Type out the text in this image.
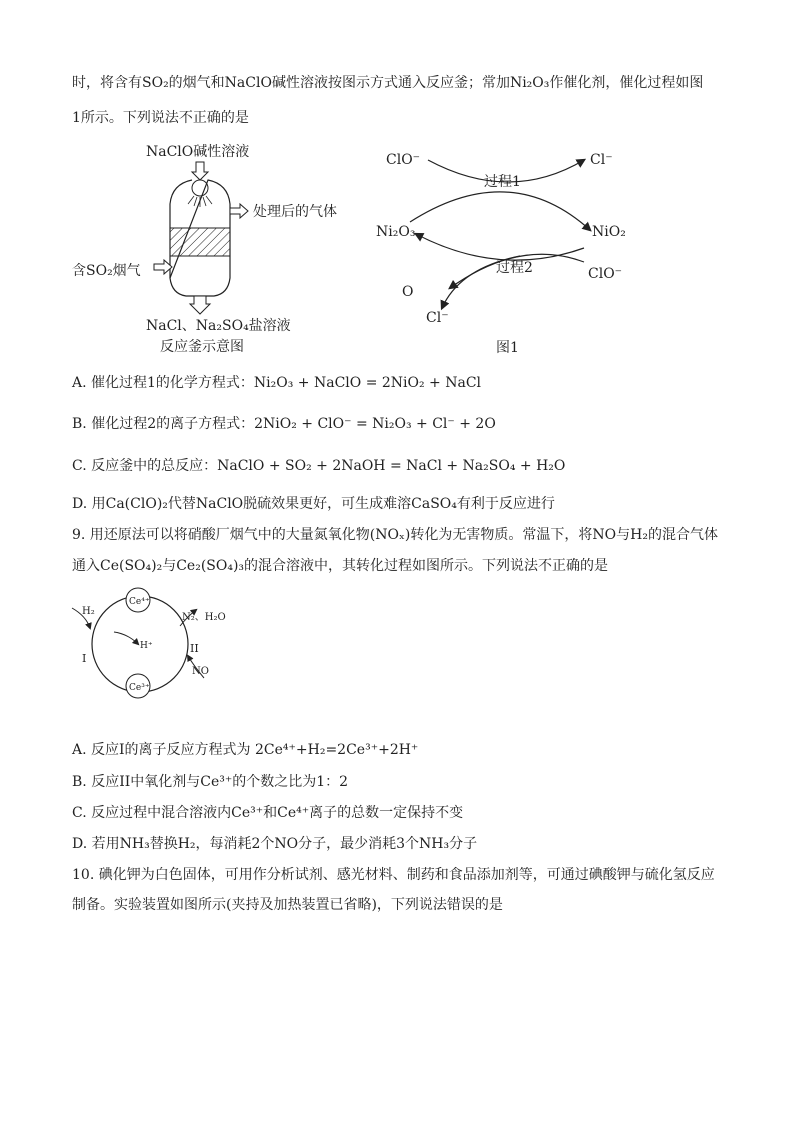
时，将含有SO₂的烟气和NaClO碱性溶液按图示方式通入反应釜；常加Ni₂O₃作催化剂，催化过程如图
1所示。下列说法不正确的是
NaClO碱性溶液
处理后的气体
含SO₂烟气
NaCl、Na₂SO₄盐溶液
反应釜示意图
ClO⁻	Cl⁻
过程1
Ni₂O₃	NiO₂
过程2	ClO⁻
O
Cl⁻
图1
A. 催化过程1的化学方程式：Ni₂O₃ + NaClO = 2NiO₂ + NaCl
B. 催化过程2的离子方程式：2NiO₂ + ClO⁻ = Ni₂O₃ + Cl⁻ + 2O
C. 反应釜中的总反应：NaClO + SO₂ + 2NaOH = NaCl + Na₂SO₄ + H₂O
D. 用Ca(ClO)₂代替NaClO脱硫效果更好，可生成难溶CaSO₄有利于反应进行
9. 用还原法可以将硝酸厂烟气中的大量氮氧化物(NOₓ)转化为无害物质。常温下，将NO与H₂的混合气体
通入Ce(SO₄)₂与Ce₂(SO₄)₃的混合溶液中，其转化过程如图所示。下列说法不正确的是
Ce⁴⁺
Ce³⁺
H₂
H⁺
I
II
N₂、H₂O
NO
A. 反应I的离子反应方程式为 2Ce⁴⁺+H₂=2Ce³⁺+2H⁺
B. 反应II中氧化剂与Ce³⁺的个数之比为1：2
C. 反应过程中混合溶液内Ce³⁺和Ce⁴⁺离子的总数一定保持不变
D. 若用NH₃替换H₂，每消耗2个NO分子，最少消耗3个NH₃分子
10. 碘化钾为白色固体，可用作分析试剂、感光材料、制药和食品添加剂等，可通过碘酸钾与硫化氢反应
制备。实验装置如图所示(夹持及加热装置已省略)，下列说法错误的是
